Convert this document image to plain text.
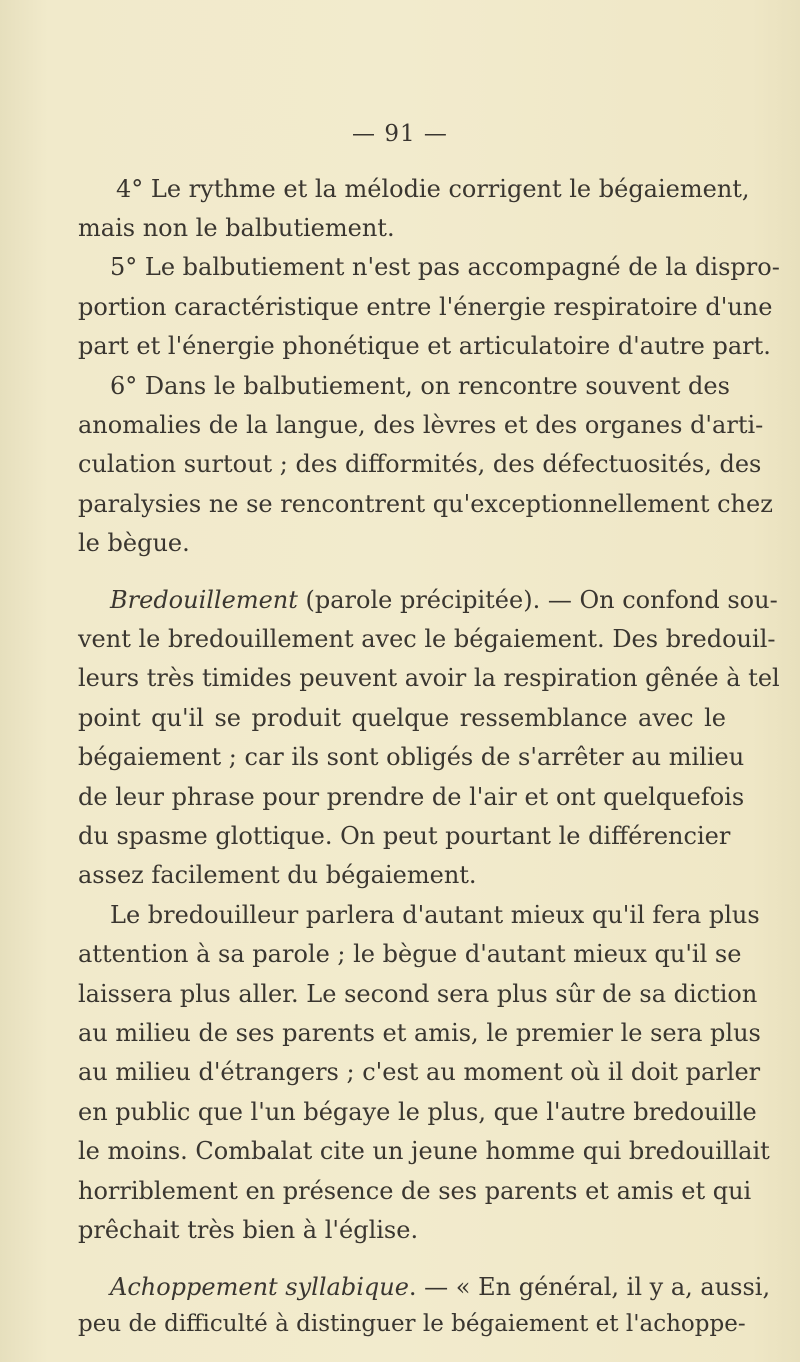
— 91 —
4° Le rythme et la mélodie corrigent le bégaiement,
mais non le balbutiement.
5° Le balbutiement n'est pas accompagné de la dispro-
portion caractéristique entre l'énergie respiratoire d'une
part et l'énergie phonétique et articulatoire d'autre part.
6° Dans le balbutiement, on rencontre souvent des
anomalies de la langue, des lèvres et des organes d'arti-
culation surtout ; des difformités, des défectuosités, des
paralysies ne se rencontrent qu'exceptionnellement chez
le bègue.
Bredouillement (parole précipitée). — On confond sou-
vent le bredouillement avec le bégaiement. Des bredouil-
leurs très timides peuvent avoir la respiration gênée à tel
point qu'il se produit quelque ressemblance avec le
bégaiement ; car ils sont obligés de s'arrêter au milieu
de leur phrase pour prendre de l'air et ont quelquefois
du spasme glottique. On peut pourtant le différencier
assez facilement du bégaiement.
Le bredouilleur parlera d'autant mieux qu'il fera plus
attention à sa parole ; le bègue d'autant mieux qu'il se
laissera plus aller. Le second sera plus sûr de sa diction
au milieu de ses parents et amis, le premier le sera plus
au milieu d'étrangers ; c'est au moment où il doit parler
en public que l'un bégaye le plus, que l'autre bredouille
le moins. Combalat cite un jeune homme qui bredouillait
horriblement en présence de ses parents et amis et qui
prêchait très bien à l'église.
Achoppement syllabique. — « En général, il y a, aussi,
peu de difficulté à distinguer le bégaiement et l'achoppe-
